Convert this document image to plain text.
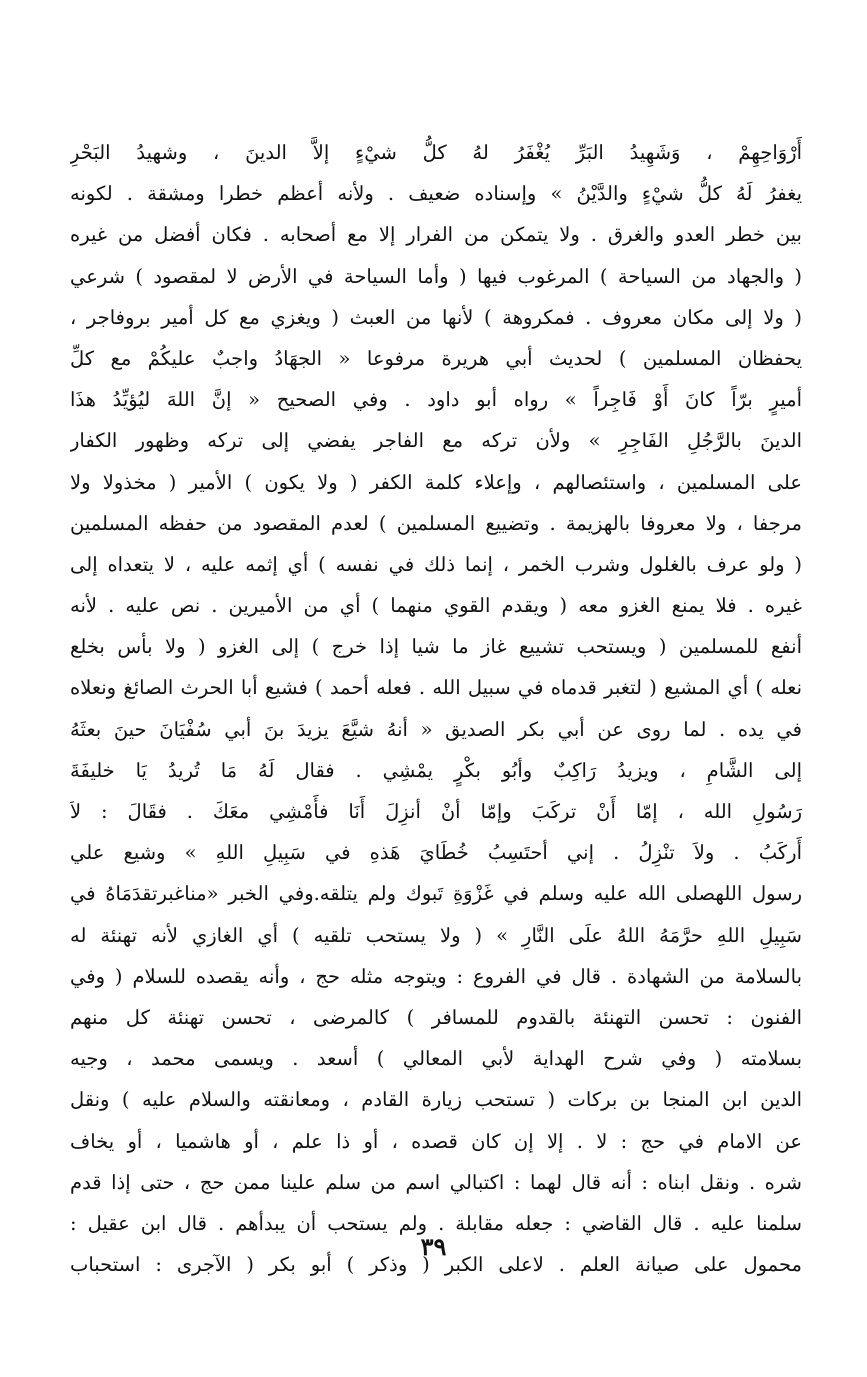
أَرْوَاحِهِمْ ، وَشَهِيدُ البَرِّ يُغْفَرُ لهُ كلُّ شيْءٍ إلاَّ الدينَ ، وشهيدُ البَحْرِ
يغفرُ لَهُ كلُّ شيْءٍ والدَّيْنُ » وإسناده ضعيف . ولأنه أعظم خطرا ومشقة . لكونه
بين خطر العدو والغرق . ولا يتمكن من الفرار إلا مع أصحابه . فكان أفضل من غيره
( والجهاد من السياحة ) المرغوب فيها ( وأما السياحة في الأرض لا لمقصود ) شرعي
( ولا إلى مكان معروف . فمكروهة ) لأنها من العبث ( ويغزي مع كل أمير بروفاجر ،
يحفظان المسلمين ) لحديث أبي هريرة مرفوعا « الجهَادُ واجبٌ عليكُمْ مع كلِّ
أميرٍ برّاً كانَ أَوْ فَاجِراً » رواه أبو داود . وفي الصحيح « إنَّ اللهَ ليُؤيِّدُ هذَا
الدينَ بالرَّجُلِ الفَاجِرِ » ولأن تركه مع الفاجر يفضي إلى تركه وظهور الكفار
على المسلمين ، واستئصالهم ، وإعلاء كلمة الكفر ( ولا يكون ) الأمير ( مخذولا ولا
مرجفا ، ولا معروفا بالهزيمة . وتضييع المسلمين ) لعدم المقصود من حفظه المسلمين
( ولو عرف بالغلول وشرب الخمر ، إنما ذلك في نفسه ) أي إثمه عليه ، لا يتعداه إلى
غيره . فلا يمنع الغزو معه ( ويقدم القوي منهما ) أي من الأميرين . نص عليه . لأنه
أنفع للمسلمين ( ويستحب تشييع غاز ما شيا إذا خرج ) إلى الغزو ( ولا بأس بخلع
نعله ) أي المشيع ( لتغبر قدماه في سبيل الله . فعله أحمد ) فشيع أبا الحرث الصائغ ونعلاه
في يده . لما روى عن أبي بكر الصديق « أنهُ شيَّعَ يزيدَ بنَ أبي سُفْيَانَ حينَ بعثَهُ
إلى الشَّامِ ، ويزيدُ رَاكِبٌ وأبُو بكْرٍ يمْشِي . فقال لَهُ مَا تُريدُ يَا خليفَةَ
رَسُولِ الله ، إمّا أَنْ تركَبَ وإمّا أنْ أنزِلَ أَنَا فأَمْشِي معَكَ . فقَالَ : لاَ
أَركَبُ . ولاَ تنْزِلُ . إني أحتَسِبُ خُطَايَ هَذهِ في سَبِيلِ اللهِ » وشيع علي
رسول اللهصلى الله عليه وسلم في غَزْوَةِ تَبوك ولم يتلقه.وفي الخبر «مناغبرتقدَمَاهُ في
سَبِيلِ اللهِ حرَّمَهُ اللهُ علَى النَّارِ » ( ولا يستحب تلقيه ) أي الغازي لأنه تهنئة له
بالسلامة من الشهادة . قال في الفروع : ويتوجه مثله حج ، وأنه يقصده للسلام ( وفي
الفنون : تحسن التهنئة بالقدوم للمسافر ) كالمرضى ، تحسن تهنئة كل منهم
بسلامته ( وفي شرح الهداية لأبي المعالي ) أسعد . ويسمى محمد ، وجيه
الدين ابن المنجا بن بركات ( تستحب زيارة القادم ، ومعانقته والسلام عليه ) ونقل
عن الامام في حج : لا . إلا إن كان قصده ، أو ذا علم ، أو هاشميا ، أو يخاف
شره . ونقل ابناه : أنه قال لهما : اكتبالي اسم من سلم علينا ممن حج ، حتى إذا قدم
سلمنا عليه . قال القاضي : جعله مقابلة . ولم يستحب أن يبدأهم . قال ابن عقيل :
محمول على صيانة العلم . لاعلى الكبر ( وذكر ) أبو بكر ( الآجرى : استحباب
٣٩
